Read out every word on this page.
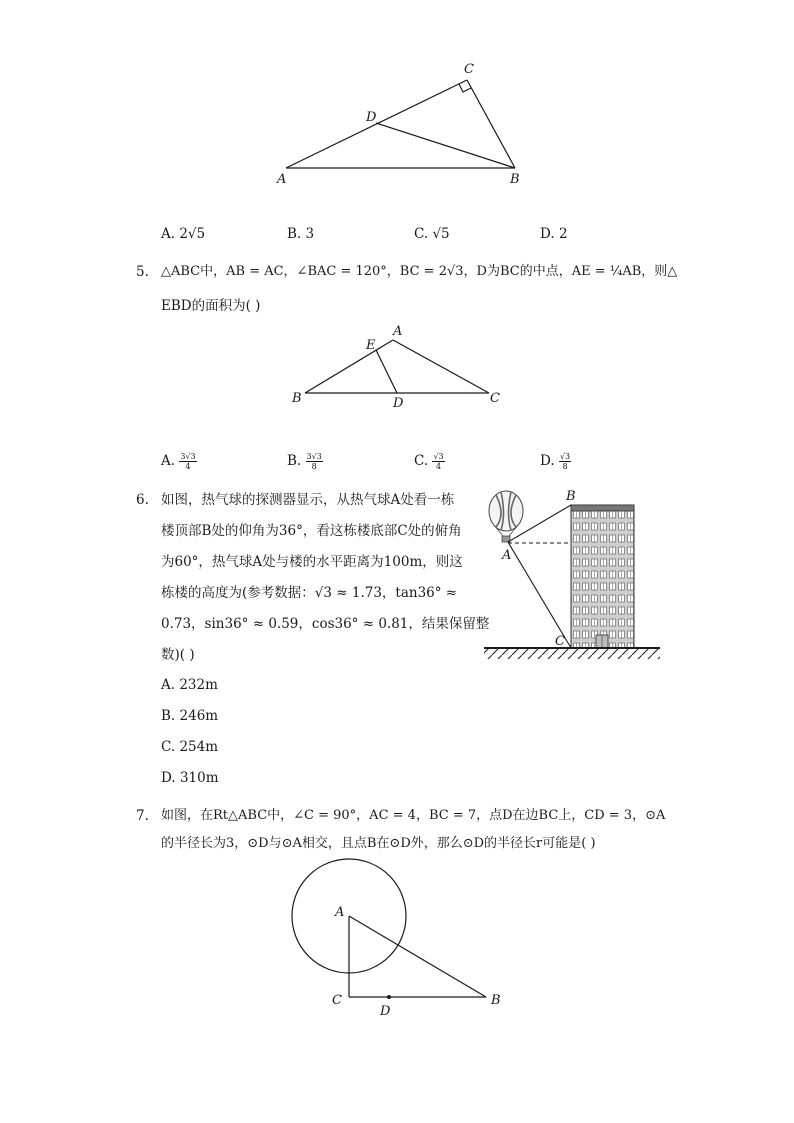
A	B
C
D
A. 2√5	B. 3	C. √5	D. 2
5. △ABC中，AB = AC，∠BAC = 120°，BC = 2√3，D为BC的中点，AE = ¼AB，则△
EBD的面积为( )
A
B	C
D
E
A. $\frac{3√3}{4}$	B. $\frac{3√3}{8}$	C. $\frac{√3}{4}$	D. $\frac{√3}{8}$
6. 如图，热气球的探测器显示，从热气球A处看一栋
楼顶部B处的仰角为36°，看这栋楼底部C处的俯角
为60°，热气球A处与楼的水平距离为100m，则这
栋楼的高度为(参考数据：√3 ≈ 1.73，tan36° ≈
0.73，sin36° ≈ 0.59，cos36° ≈ 0.81，结果保留整
数)( )
A. 232m
B. 246m
C. 254m
D. 310m
A
B
C
7. 如图，在Rt△ABC中，∠C = 90°，AC = 4，BC = 7，点D在边BC上，CD = 3，⊙A
的半径长为3，⊙D与⊙A相交，且点B在⊙D外，那么⊙D的半径长r可能是( )
A
B
C
D
